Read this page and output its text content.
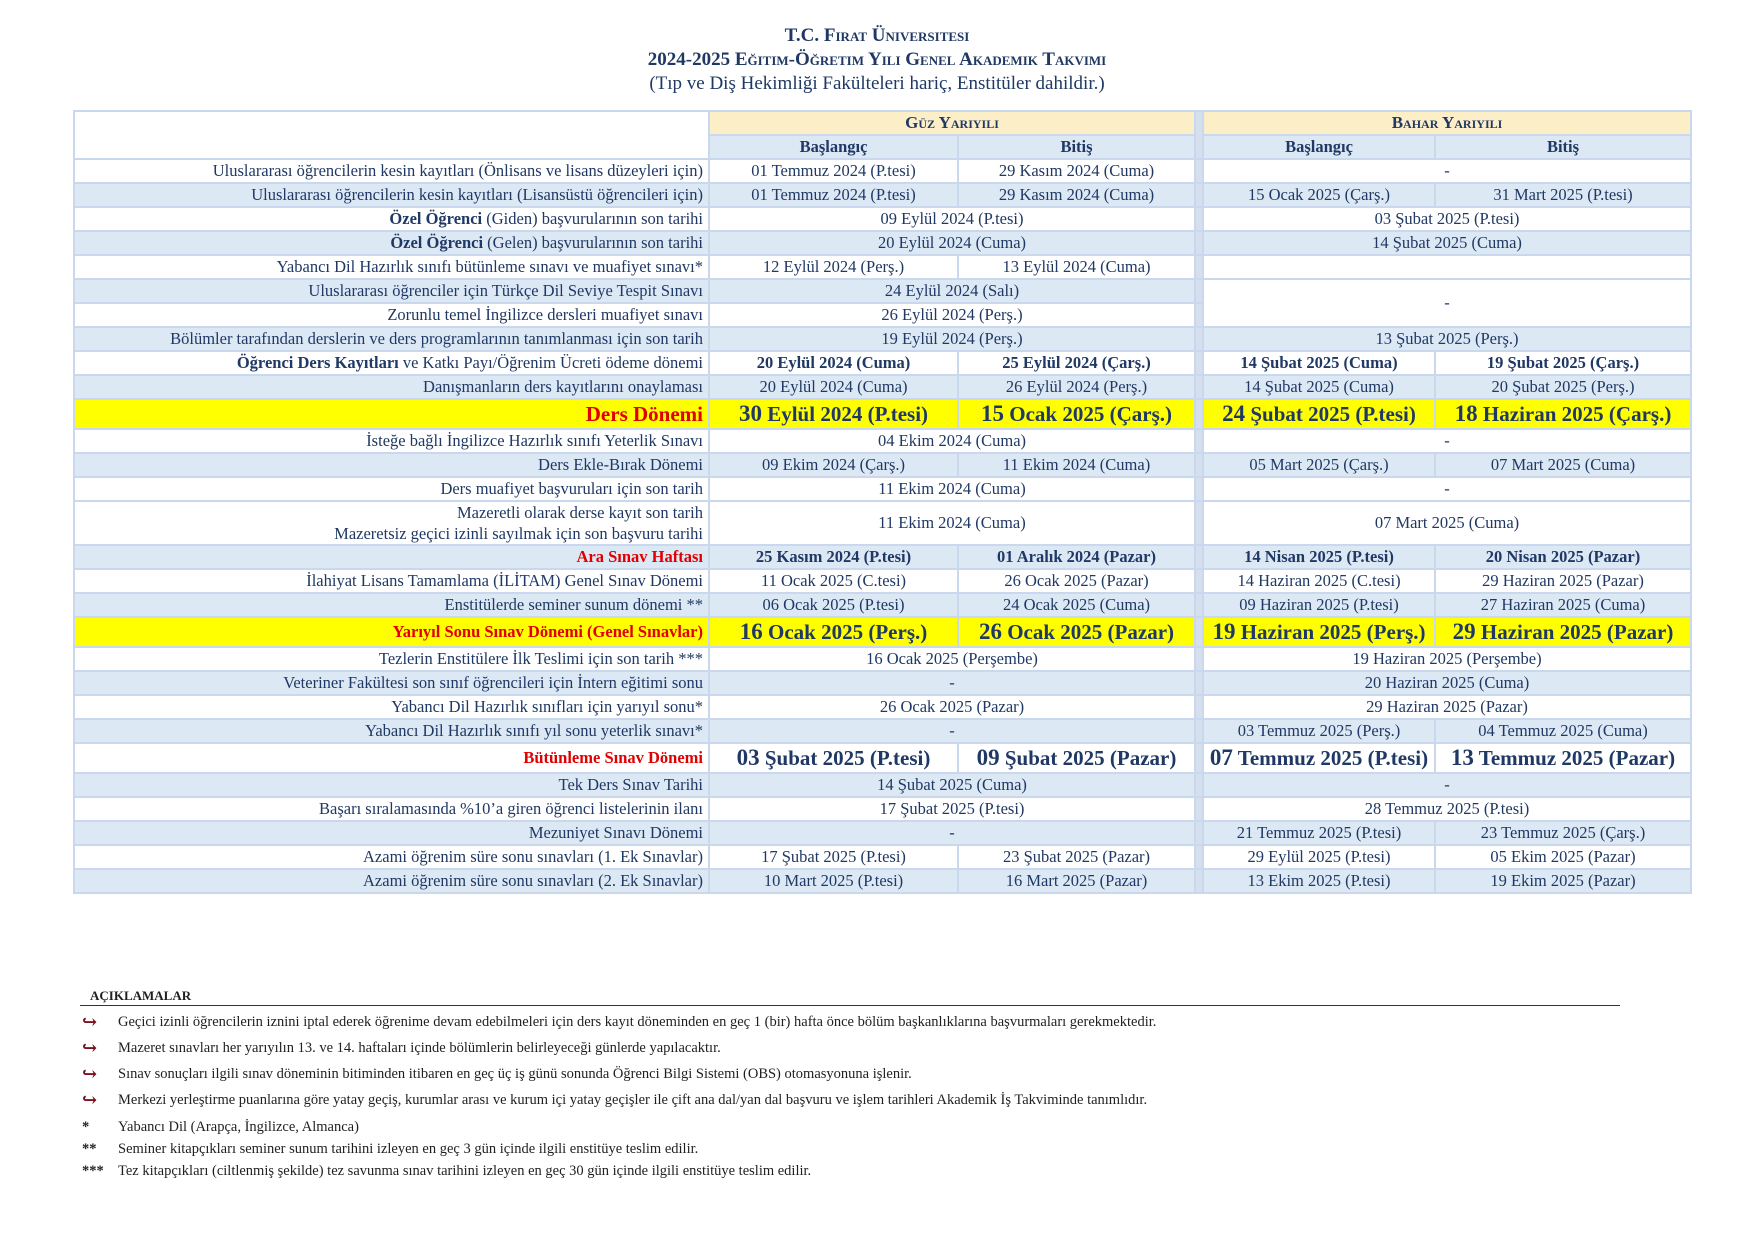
T.C. Fırat Üniversitesi
2024-2025 Eğitim-Öğretim Yılı Genel Akademik Takvimi
(Tıp ve Diş Hekimliği Fakülteleri hariç, Enstitüler dahildir.)
	Güz Yarıyılı			Bahar Yarıyılı	
	Başlangıç	Bitiş		Başlangıç	Bitiş
Uluslararası öğrencilerin kesin kayıtları (Önlisans ve lisans düzeyleri için)	01 Temmuz 2024 (P.tesi)	29 Kasım 2024 (Cuma)		-	
Uluslararası öğrencilerin kesin kayıtları (Lisansüstü öğrencileri için)	01 Temmuz 2024 (P.tesi)	29 Kasım 2024 (Cuma)		15 Ocak 2025 (Çarş.)	31 Mart 2025 (P.tesi)
Özel Öğrenci (Giden) başvurularının son tarihi	09 Eylül 2024 (P.tesi)			03 Şubat 2025 (P.tesi)	
Özel Öğrenci (Gelen) başvurularının son tarihi	20 Eylül 2024 (Cuma)			14 Şubat 2025 (Cuma)	
Yabancı Dil Hazırlık sınıfı bütünleme sınavı ve muafiyet sınavı*	12 Eylül 2024 (Perş.)	13 Eylül 2024 (Cuma)			
Uluslararası öğrenciler için Türkçe Dil Seviye Tespit Sınavı	24 Eylül 2024 (Salı)			-	
Zorunlu temel İngilizce dersleri muafiyet sınavı	26 Eylül 2024 (Perş.)				
Bölümler tarafından derslerin ve ders programlarının tanımlanması için son tarih	19 Eylül 2024 (Perş.)			13 Şubat 2025 (Perş.)	
Öğrenci Ders Kayıtları ve Katkı Payı/Öğrenim Ücreti ödeme dönemi	20 Eylül 2024 (Cuma)	25 Eylül 2024 (Çarş.)		14 Şubat 2025 (Cuma)	19 Şubat 2025 (Çarş.)
Danışmanların ders kayıtlarını onaylaması	20 Eylül 2024 (Cuma)	26 Eylül 2024 (Perş.)		14 Şubat 2025 (Cuma)	20 Şubat 2025 (Perş.)
Ders Dönemi	30 Eylül 2024 (P.tesi)	15 Ocak 2025 (Çarş.)		24 Şubat 2025 (P.tesi)	18 Haziran 2025 (Çarş.)
İsteğe bağlı İngilizce Hazırlık sınıfı Yeterlik Sınavı	04 Ekim 2024 (Cuma)			-	
Ders Ekle-Bırak Dönemi	09 Ekim 2024 (Çarş.)	11 Ekim 2024 (Cuma)		05 Mart 2025 (Çarş.)	07 Mart 2025 (Cuma)
Ders muafiyet başvuruları için son tarih	11 Ekim 2024 (Cuma)			-	

Mazeretli olarak derse kayıt son tarih
Mazeretsiz geçici izinli sayılmak için son başvuru tarihi	11 Ekim 2024 (Cuma)			07 Mart 2025 (Cuma)	
Ara Sınav Haftası	25 Kasım 2024 (P.tesi)	01 Aralık 2024 (Pazar)		14 Nisan 2025 (P.tesi)	20 Nisan 2025 (Pazar)
İlahiyat Lisans Tamamlama (İLİTAM) Genel Sınav Dönemi	11 Ocak 2025 (C.tesi)	26 Ocak 2025 (Pazar)		14 Haziran 2025 (C.tesi)	29 Haziran 2025 (Pazar)
Enstitülerde seminer sunum dönemi **	06 Ocak 2025 (P.tesi)	24 Ocak 2025 (Cuma)		09 Haziran 2025 (P.tesi)	27 Haziran 2025 (Cuma)
Yarıyıl Sonu Sınav Dönemi (Genel Sınavlar)	16 Ocak 2025 (Perş.)	26 Ocak 2025 (Pazar)		19 Haziran 2025 (Perş.)	29 Haziran 2025 (Pazar)
Tezlerin Enstitülere İlk Teslimi için son tarih ***	16 Ocak 2025 (Perşembe)			19 Haziran 2025 (Perşembe)	
Veteriner Fakültesi son sınıf öğrencileri için İntern eğitimi sonu	-			20 Haziran 2025 (Cuma)	
Yabancı Dil Hazırlık sınıfları için yarıyıl sonu*	26 Ocak 2025 (Pazar)			29 Haziran 2025 (Pazar)	
Yabancı Dil Hazırlık sınıfı yıl sonu yeterlik sınavı*	-			03 Temmuz 2025 (Perş.)	04 Temmuz 2025 (Cuma)
Bütünleme Sınav Dönemi	03 Şubat 2025 (P.tesi)	09 Şubat 2025 (Pazar)		07 Temmuz 2025 (P.tesi)	13 Temmuz 2025 (Pazar)
Tek Ders Sınav Tarihi	14 Şubat 2025 (Cuma)			-	
Başarı sıralamasında %10’a giren öğrenci listelerinin ilanı	17 Şubat 2025 (P.tesi)			28 Temmuz 2025 (P.tesi)	
Mezuniyet Sınavı Dönemi	-			21 Temmuz 2025 (P.tesi)	23 Temmuz 2025 (Çarş.)
Azami öğrenim süre sonu sınavları (1. Ek Sınavlar)	17 Şubat 2025 (P.tesi)	23 Şubat 2025 (Pazar)		29 Eylül 2025 (P.tesi)	05 Ekim 2025 (Pazar)
Azami öğrenim süre sonu sınavları (2. Ek Sınavlar)	10 Mart 2025 (P.tesi)	16 Mart 2025 (Pazar)		13 Ekim 2025 (P.tesi)	19 Ekim 2025 (Pazar)
AÇIKLAMALAR
↪ Geçici izinli öğrencilerin iznini iptal ederek öğrenime devam edebilmeleri için ders kayıt döneminden en geç 1 (bir) hafta önce bölüm başkanlıklarına başvurmaları gerekmektedir.
↪ Mazeret sınavları her yarıyılın 13. ve 14. haftaları içinde bölümlerin belirleyeceği günlerde yapılacaktır.
↪ Sınav sonuçları ilgili sınav döneminin bitiminden itibaren en geç üç iş günü sonunda Öğrenci Bilgi Sistemi (OBS) otomasyonuna işlenir.
↪ Merkezi yerleştirme puanlarına göre yatay geçiş, kurumlar arası ve kurum içi yatay geçişler ile çift ana dal/yan dal başvuru ve işlem tarihleri Akademik İş Takviminde tanımlıdır.
* Yabancı Dil (Arapça, İngilizce, Almanca)
** Seminer kitapçıkları seminer sunum tarihini izleyen en geç 3 gün içinde ilgili enstitüye teslim edilir.
*** Tez kitapçıkları (ciltlenmiş şekilde) tez savunma sınav tarihini izleyen en geç 30 gün içinde ilgili enstitüye teslim edilir.
